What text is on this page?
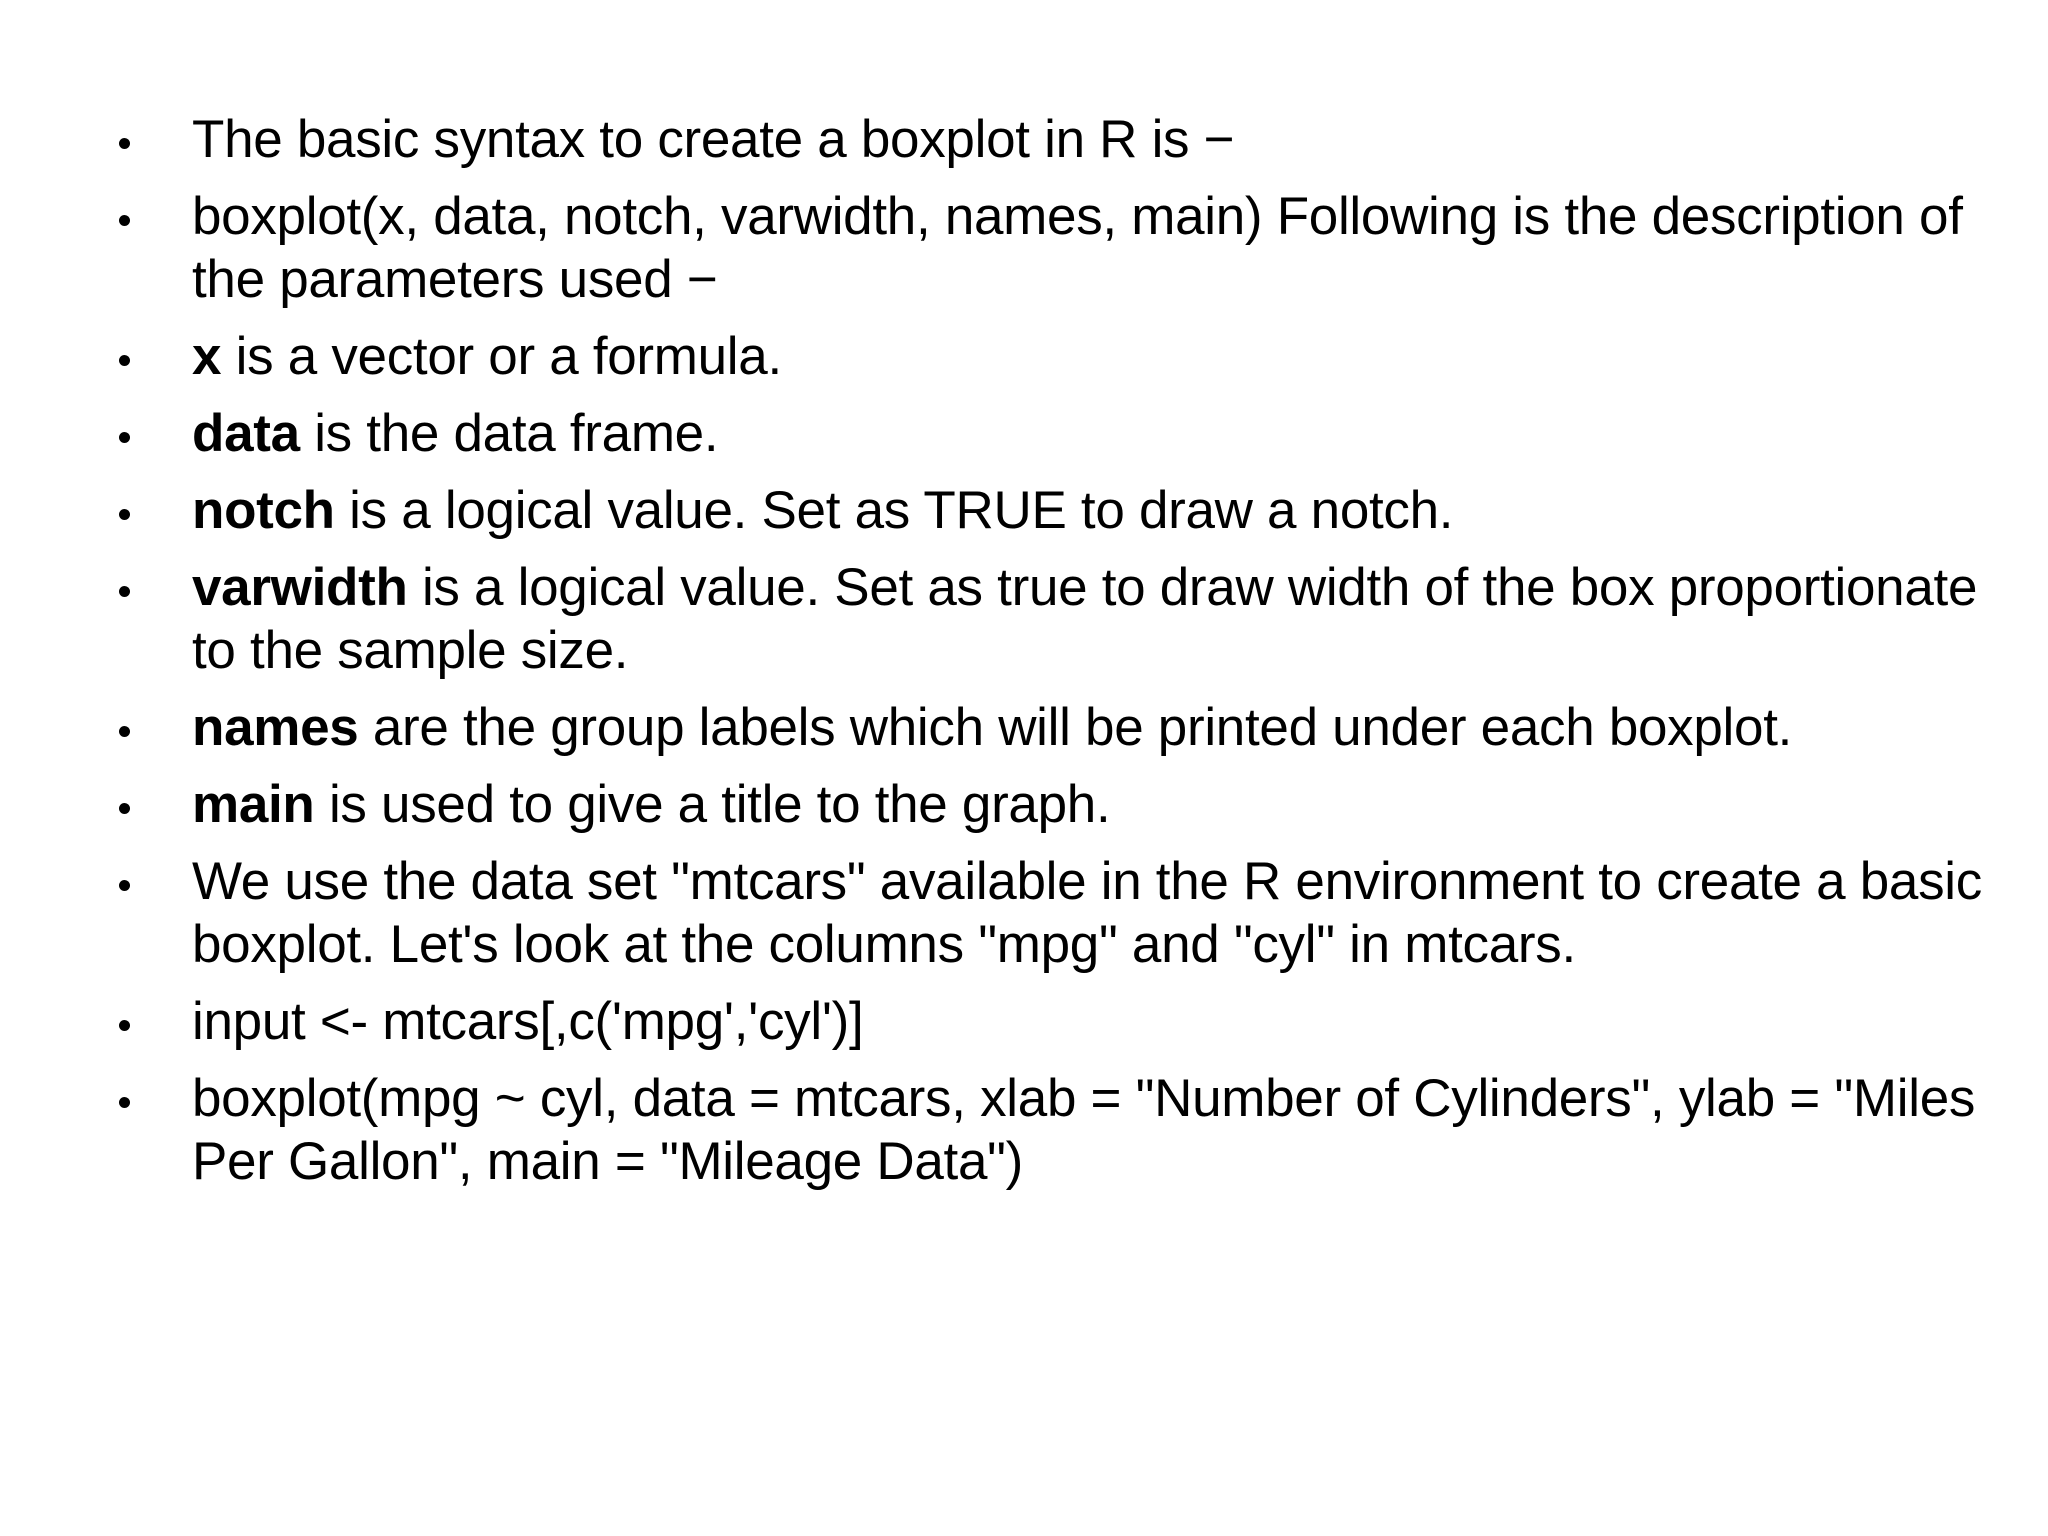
The basic syntax to create a boxplot in R is −
boxplot(x, data, notch, varwidth, names, main) Following is the description of the parameters used −
x is a vector or a formula.
data is the data frame.
notch is a logical value. Set as TRUE to draw a notch.
varwidth is a logical value. Set as true to draw width of the box proportionate to the sample size.
names are the group labels which will be printed under each boxplot.
main is used to give a title to the graph.
We use the data set "mtcars" available in the R environment to create a basic boxplot. Let's look at the columns "mpg" and "cyl" in mtcars.
input <- mtcars[,c('mpg','cyl')]
boxplot(mpg ~ cyl, data = mtcars, xlab = "Number of Cylinders", ylab = "Miles Per Gallon", main = "Mileage Data")
